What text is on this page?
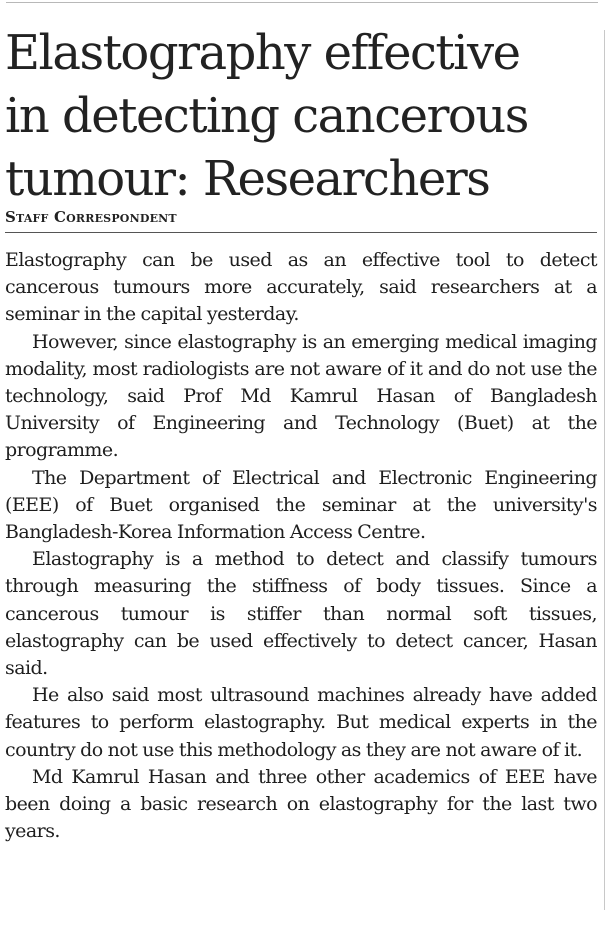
Elastography effective
in detecting cancerous
tumour: Researchers
Staff Correspondent

Elastography can be used as an effective tool to detect cancerous tumours more accurately, said researchers at a seminar in the capital yesterday.

However, since elastography is an emerging medical imaging modality, most radiologists are not aware of it and do not use the technology, said Prof Md Kamrul Hasan of Bangladesh University of Engineering and Technology (Buet) at the programme.

The Department of Electrical and Electronic Engineering (EEE) of Buet organised the seminar at the university's Bangladesh-Korea Information Access Centre.

Elastography is a method to detect and classify tumours through measuring the stiffness of body tissues. Since a cancerous tumour is stiffer than normal soft tissues, elastography can be used effectively to detect cancer, Hasan said.

He also said most ultrasound machines already have added features to perform elastography. But medical experts in the country do not use this methodology as they are not aware of it.

Md Kamrul Hasan and three other academics of EEE have been doing a basic research on elastography for the last two years.
